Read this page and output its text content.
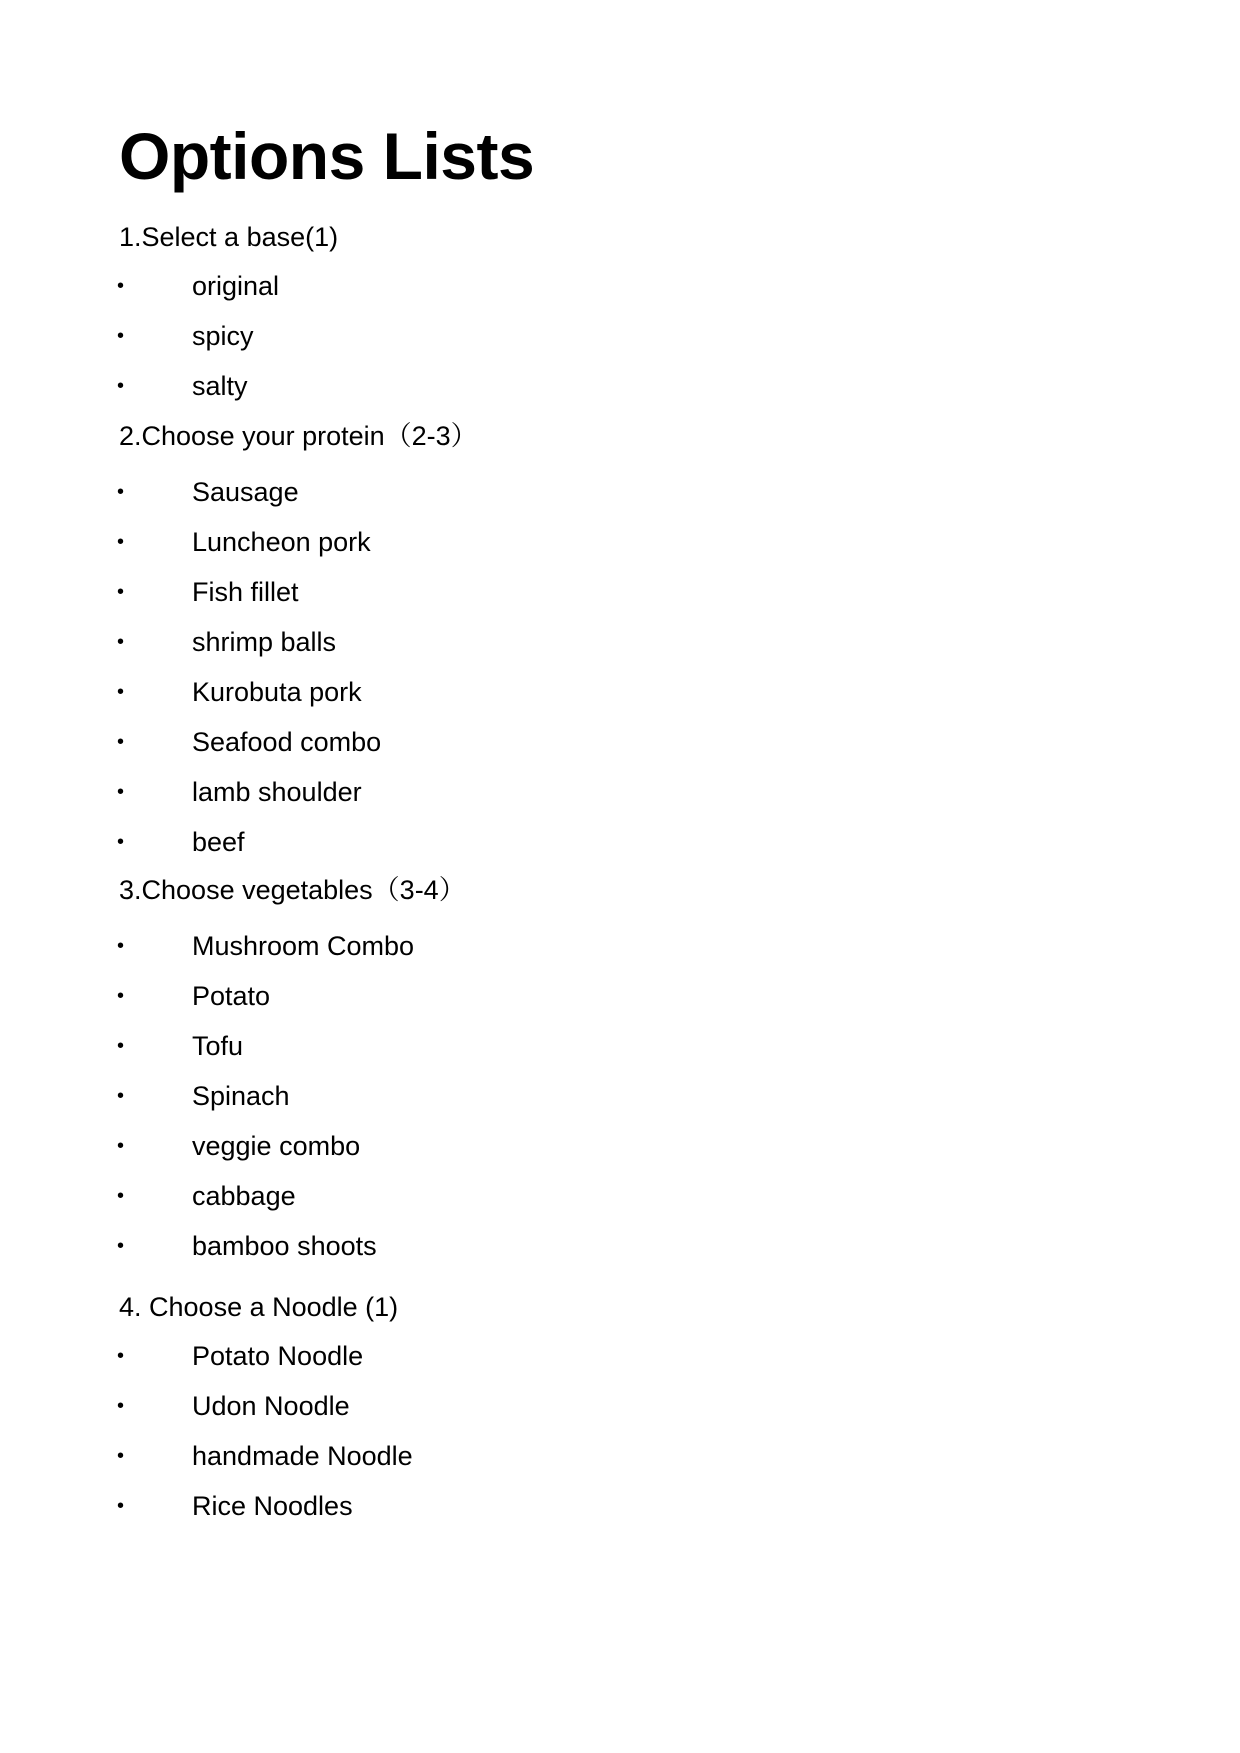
Options Lists

1.Select a base(1)

•	original
•	spicy
•	salty

2.Choose your protein（2-3）

•	Sausage
•	Luncheon pork
•	Fish fillet
•	shrimp balls
•	Kurobuta pork
•	Seafood combo
•	lamb shoulder
•	beef

3.Choose vegetables（3-4）

•	Mushroom Combo
•	Potato
•	Tofu
•	Spinach
•	veggie combo
•	cabbage
•	bamboo shoots

4. Choose a Noodle (1)

•	Potato Noodle
•	Udon Noodle
•	handmade Noodle
•	Rice Noodles
